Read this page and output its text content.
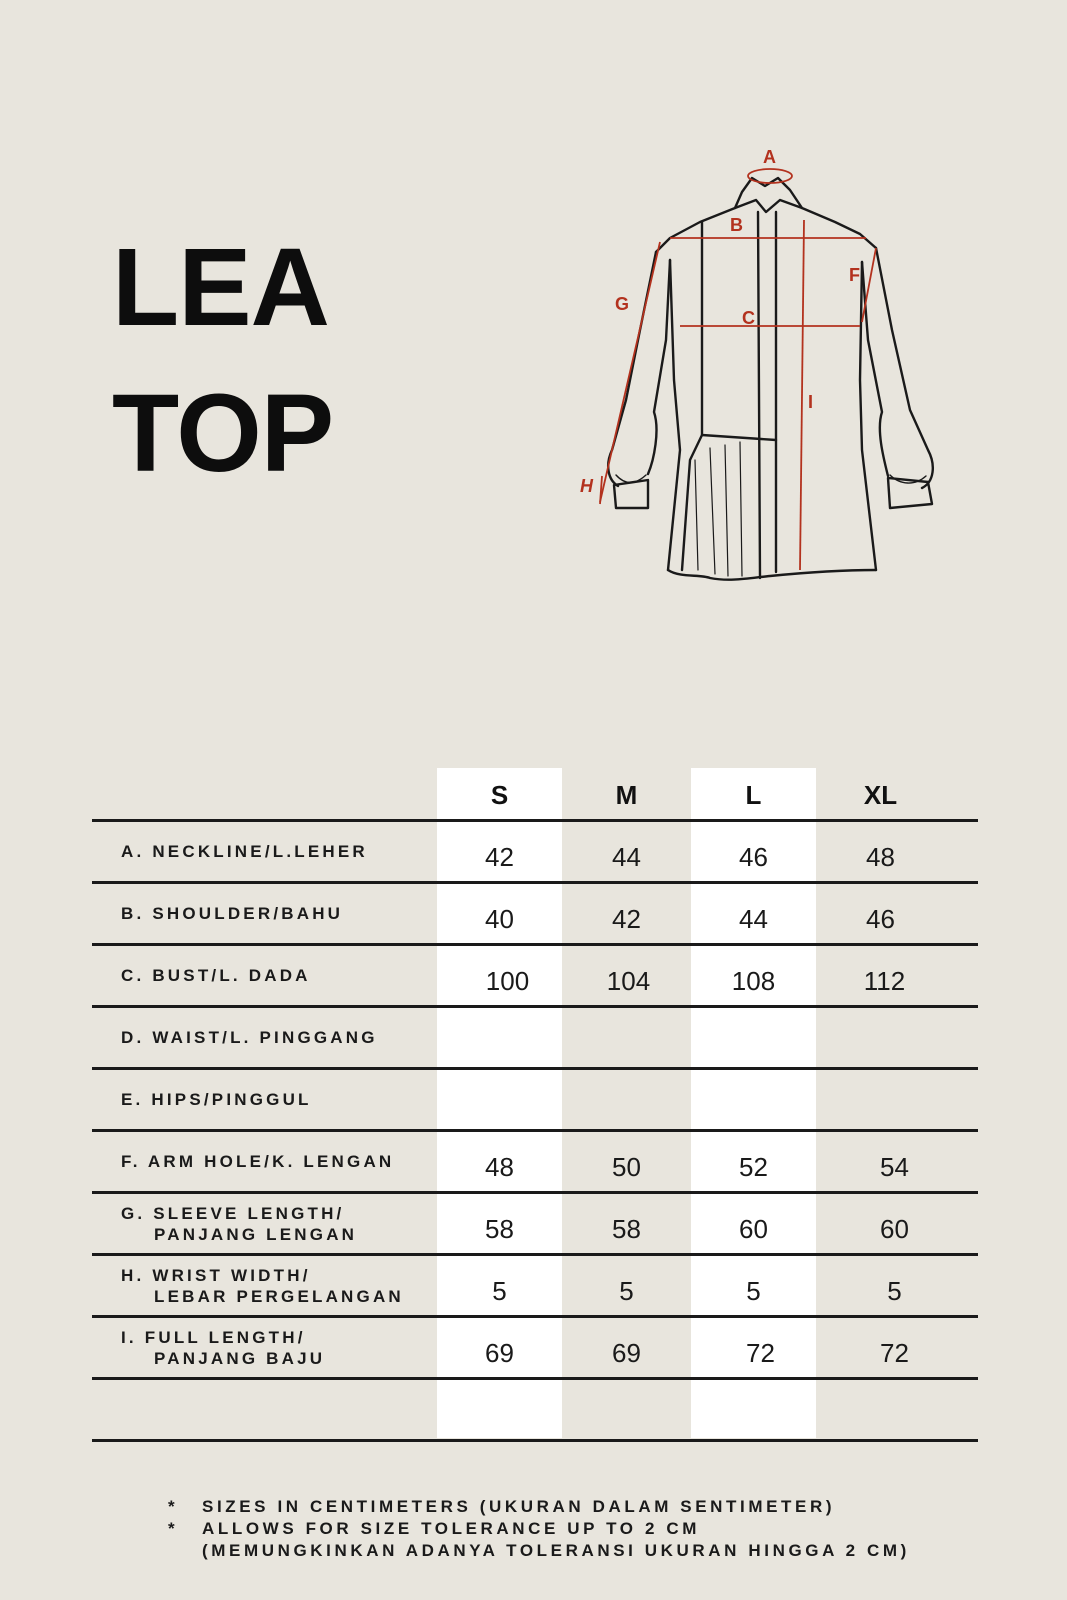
LEA
TOP
A
B
C
F
G
H
I
S	M	L	XL
A. NECKLINE/L.LEHER	42	44	46	48
B. SHOULDER/BAHU	40	42	44	46
C. BUST/L. DADA	100	104	108	112
D. WAIST/L. PINGGANG
E. HIPS/PINGGUL
F. ARM HOLE/K. LENGAN	48	50	52	54
G. SLEEVE LENGTH/
PANJANG LENGAN	58	58	60	60
H. WRIST WIDTH/
LEBAR PERGELANGAN	5	5	5	5
I. FULL LENGTH/
PANJANG BAJU	69	69	72	72
*	SIZES IN CENTIMETERS (UKURAN DALAM SENTIMETER)
*	ALLOWS FOR SIZE TOLERANCE UP TO 2 CM
(MEMUNGKINKAN ADANYA TOLERANSI UKURAN HINGGA 2 CM)
